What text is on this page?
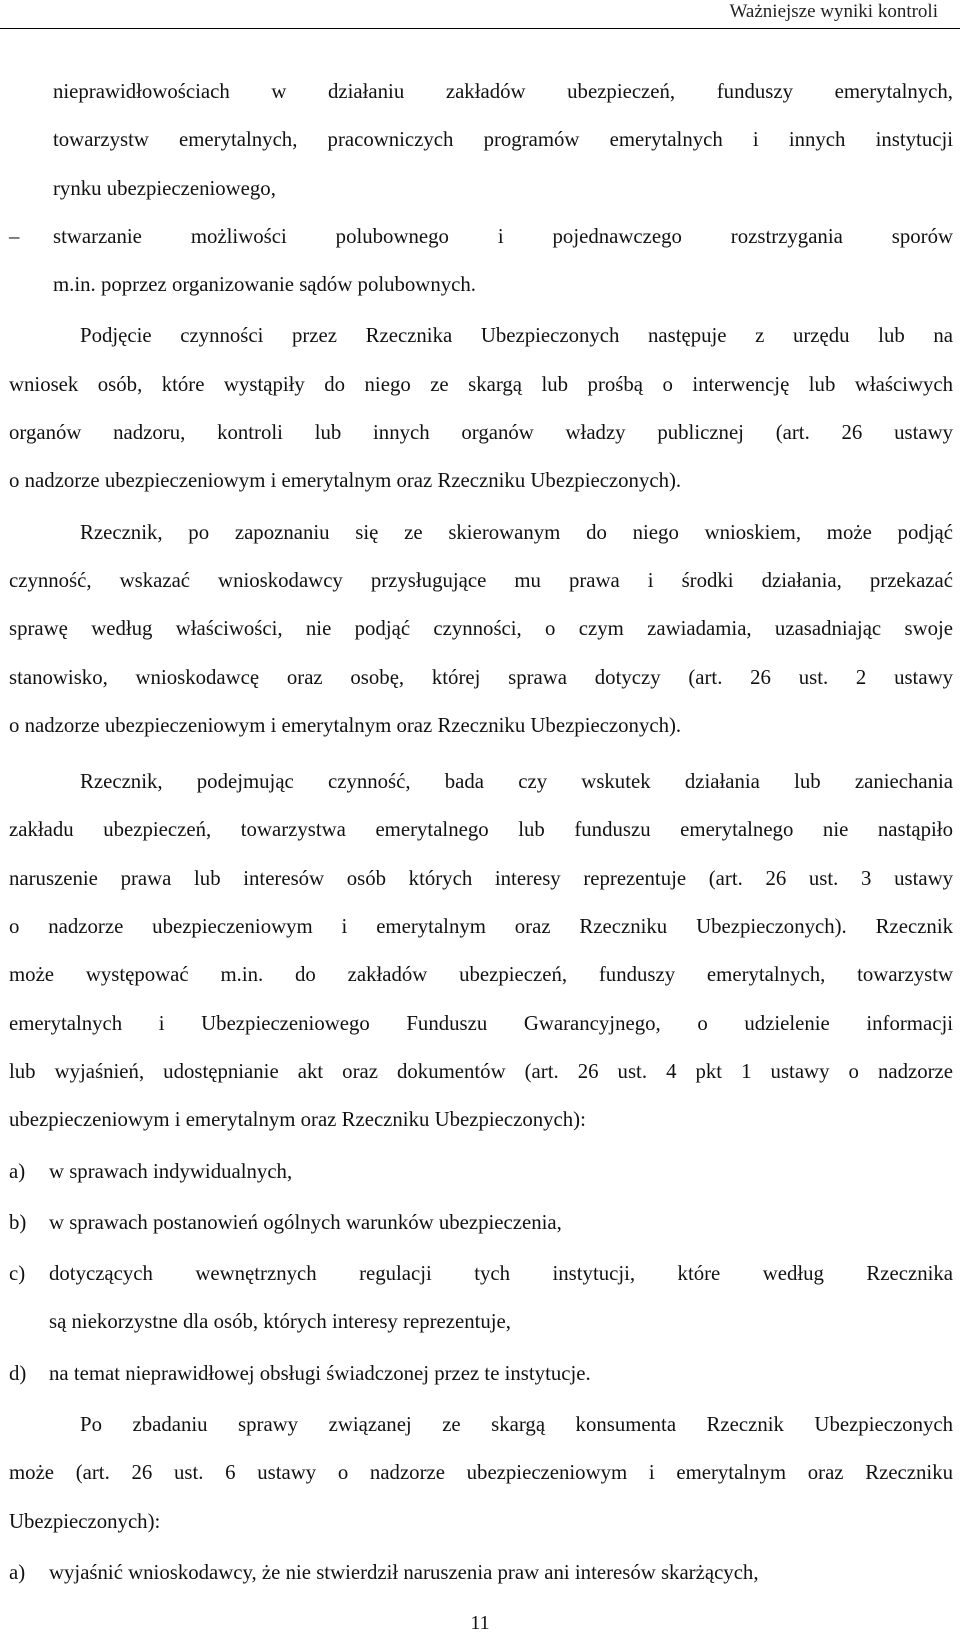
Ważniejsze wyniki kontroli
nieprawidłowościach w działaniu zakładów ubezpieczeń, funduszy emerytalnych,
towarzystw emerytalnych, pracowniczych programów emerytalnych i innych instytucji
rynku ubezpieczeniowego,
– stwarzanie możliwości polubownego i pojednawczego rozstrzygania sporów
m.in. poprzez organizowanie sądów polubownych.
Podjęcie czynności przez Rzecznika Ubezpieczonych następuje z urzędu lub na
wniosek osób, które wystąpiły do niego ze skargą lub prośbą o interwencję lub właściwych
organów nadzoru, kontroli lub innych organów władzy publicznej (art. 26 ustawy
o nadzorze ubezpieczeniowym i emerytalnym oraz Rzeczniku Ubezpieczonych).
Rzecznik, po zapoznaniu się ze skierowanym do niego wnioskiem, może podjąć
czynność, wskazać wnioskodawcy przysługujące mu prawa i środki działania, przekazać
sprawę według właściwości, nie podjąć czynności, o czym zawiadamia, uzasadniając swoje
stanowisko, wnioskodawcę oraz osobę, której sprawa dotyczy (art. 26 ust. 2 ustawy
o nadzorze ubezpieczeniowym i emerytalnym oraz Rzeczniku Ubezpieczonych).
Rzecznik, podejmując czynność, bada czy wskutek działania lub zaniechania
zakładu ubezpieczeń, towarzystwa emerytalnego lub funduszu emerytalnego nie nastąpiło
naruszenie prawa lub interesów osób których interesy reprezentuje (art. 26 ust. 3 ustawy
o nadzorze ubezpieczeniowym i emerytalnym oraz Rzeczniku Ubezpieczonych). Rzecznik
może występować m.in. do zakładów ubezpieczeń, funduszy emerytalnych, towarzystw
emerytalnych i Ubezpieczeniowego Funduszu Gwarancyjnego, o udzielenie informacji
lub wyjaśnień, udostępnianie akt oraz dokumentów (art. 26 ust. 4 pkt 1 ustawy o nadzorze
ubezpieczeniowym i emerytalnym oraz Rzeczniku Ubezpieczonych):
a) w sprawach indywidualnych,
b) w sprawach postanowień ogólnych warunków ubezpieczenia,
c) dotyczących wewnętrznych regulacji tych instytucji, które według Rzecznika
są niekorzystne dla osób, których interesy reprezentuje,
d) na temat nieprawidłowej obsługi świadczonej przez te instytucje.
Po zbadaniu sprawy związanej ze skargą konsumenta Rzecznik Ubezpieczonych
może (art. 26 ust. 6 ustawy o nadzorze ubezpieczeniowym i emerytalnym oraz Rzeczniku
Ubezpieczonych):
a) wyjaśnić wnioskodawcy, że nie stwierdził naruszenia praw ani interesów skarżących,
11
